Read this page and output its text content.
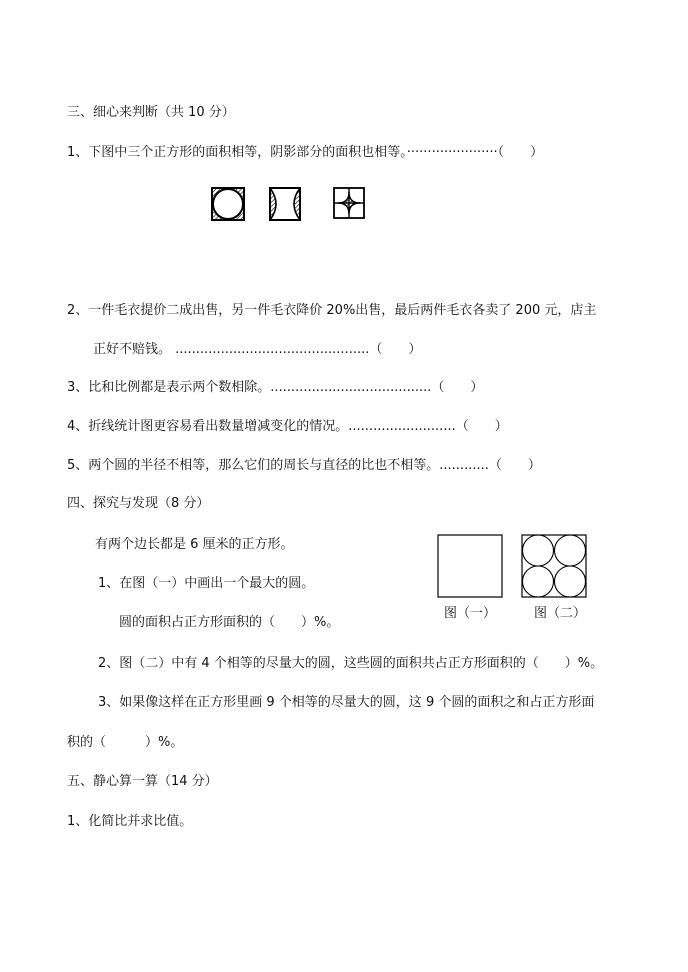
三、细心来判断（共 10 分）
1、下图中三个正方形的面积相等，阴影部分的面积也相等。······················（　　）
2、一件毛衣提价二成出售，另一件毛衣降价 20%出售，最后两件毛衣各卖了 200 元，店主
正好不赔钱。 ...............................................（　　）
3、比和比例都是表示两个数相除。.......................................（　　）
4、折线统计图更容易看出数量增减变化的情况。..........................（　　）
5、两个圆的半径不相等，那么它们的周长与直径的比也不相等。............（　　）
四、探究与发现（8 分）
有两个边长都是 6 厘米的正方形。
1、在图（一）中画出一个最大的圆。
圆的面积占正方形面积的（　　）%。
2、图（二）中有 4 个相等的尽量大的圆，这些圆的面积共占正方形面积的（　　）%。
3、如果像这样在正方形里画 9 个相等的尽量大的圆，这 9 个圆的面积之和占正方形面
积的（　　　）%。
图（一）	图（二）
五、静心算一算（14 分）
1、化简比并求比值。
